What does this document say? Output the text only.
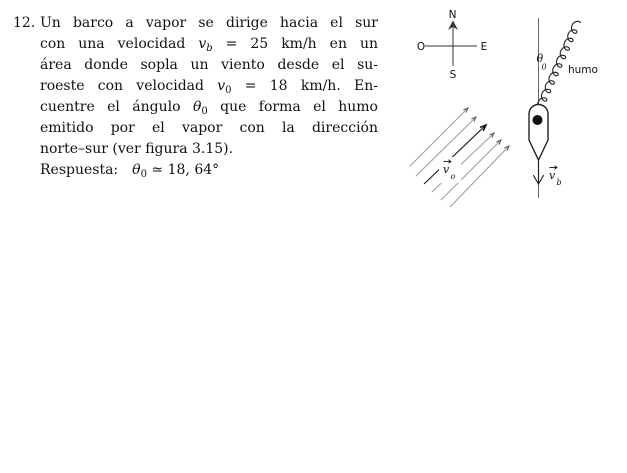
12. Un barco a vapor se dirige hacia el sur
con una velocidad $v_b = 25$ km/h en un
área donde sopla un viento desde el su-
roeste con velocidad $v_0 = 18$ km/h. En-
cuentre el ángulo $\theta_0$ que forma el humo
emitido por el vapor con la dirección
norte–sur (ver figura 3.15).
Respuesta:  $\theta_0$ ≃ 18, 64°
N
S
O	E
v
o	v
b
θ
0 humo
